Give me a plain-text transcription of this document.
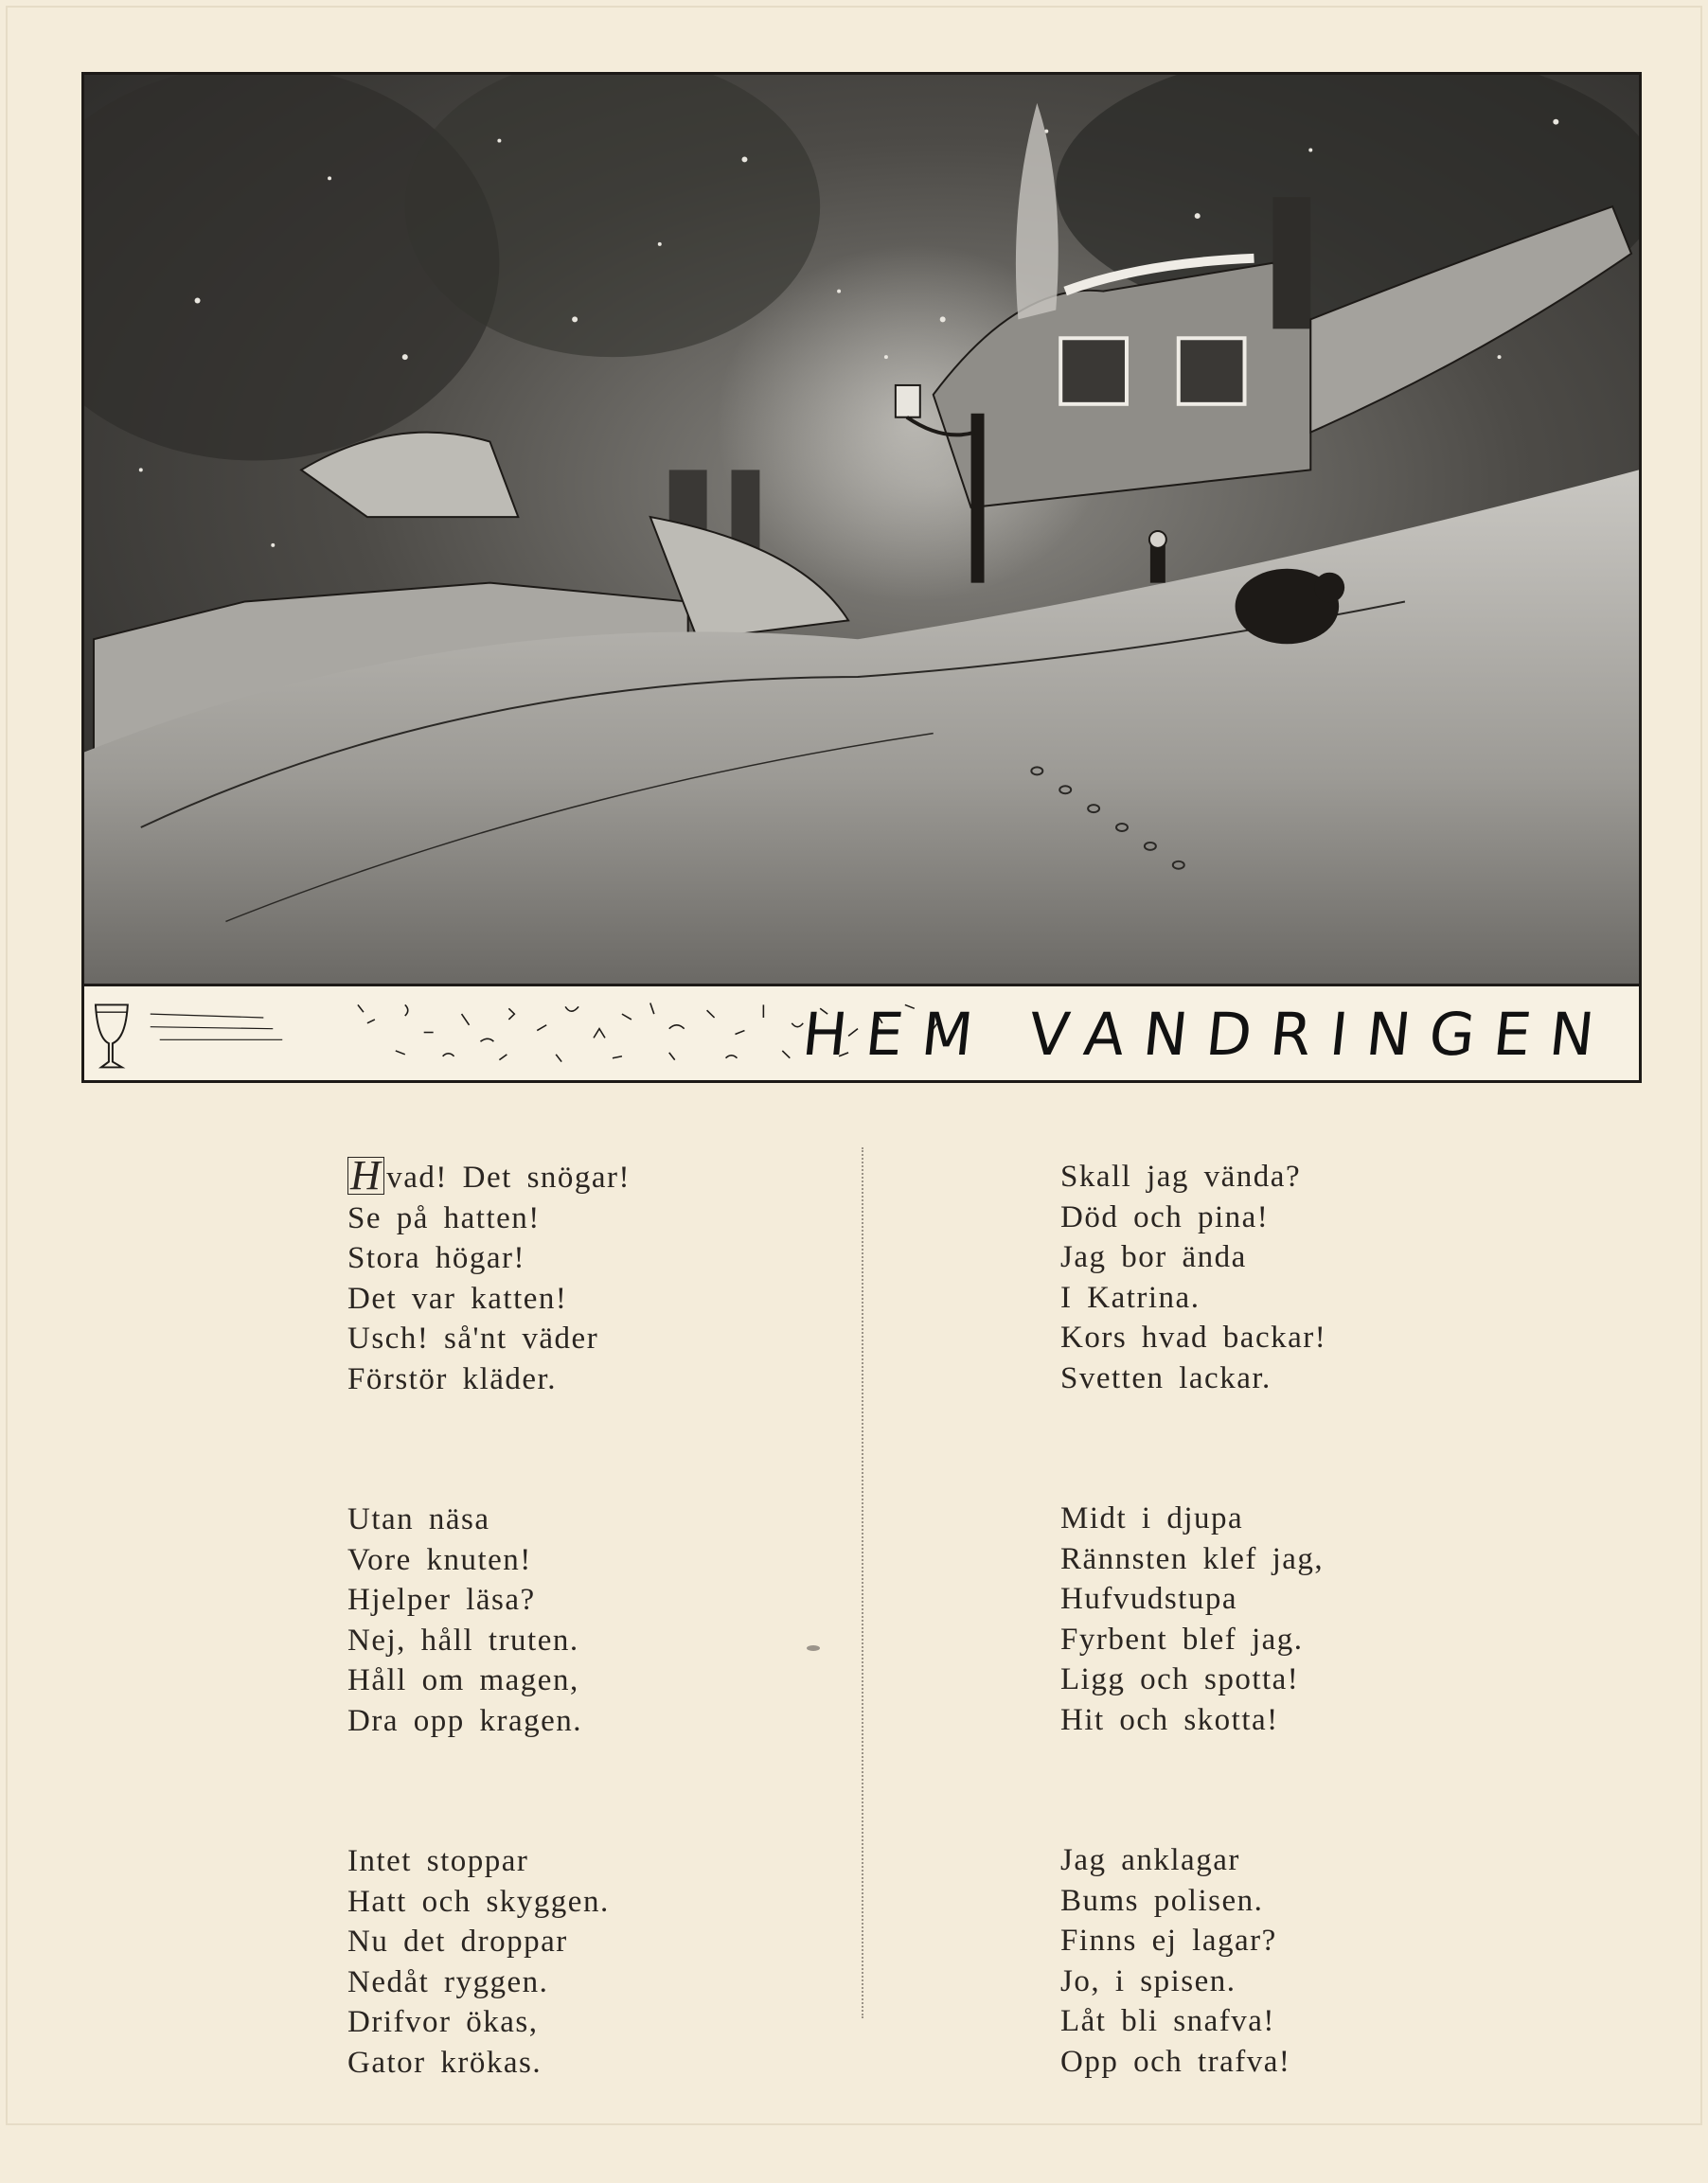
HEM VANDRINGEN
H vad! Det snögar!
Se på hatten!
Stora högar!
Det var katten!
Usch! så'nt väder
Förstör kläder.
Utan näsa
Vore knuten!
Hjelper läsa?
Nej, håll truten.
Håll om magen,
Dra opp kragen.
Intet stoppar
Hatt och skyggen.
Nu det droppar
Nedåt ryggen.
Drifvor ökas,
Gator krökas.
Skall jag vända?
Död och pina!
Jag bor ända
I Katrina.
Kors hvad backar!
Svetten lackar.
Midt i djupa
Rännsten klef jag,
Hufvudstupa
Fyrbent blef jag.
Ligg och spotta!
Hit och skotta!
Jag anklagar
Bums polisen.
Finns ej lagar?
Jo, i spisen.
Låt bli snafva!
Opp och trafva!
